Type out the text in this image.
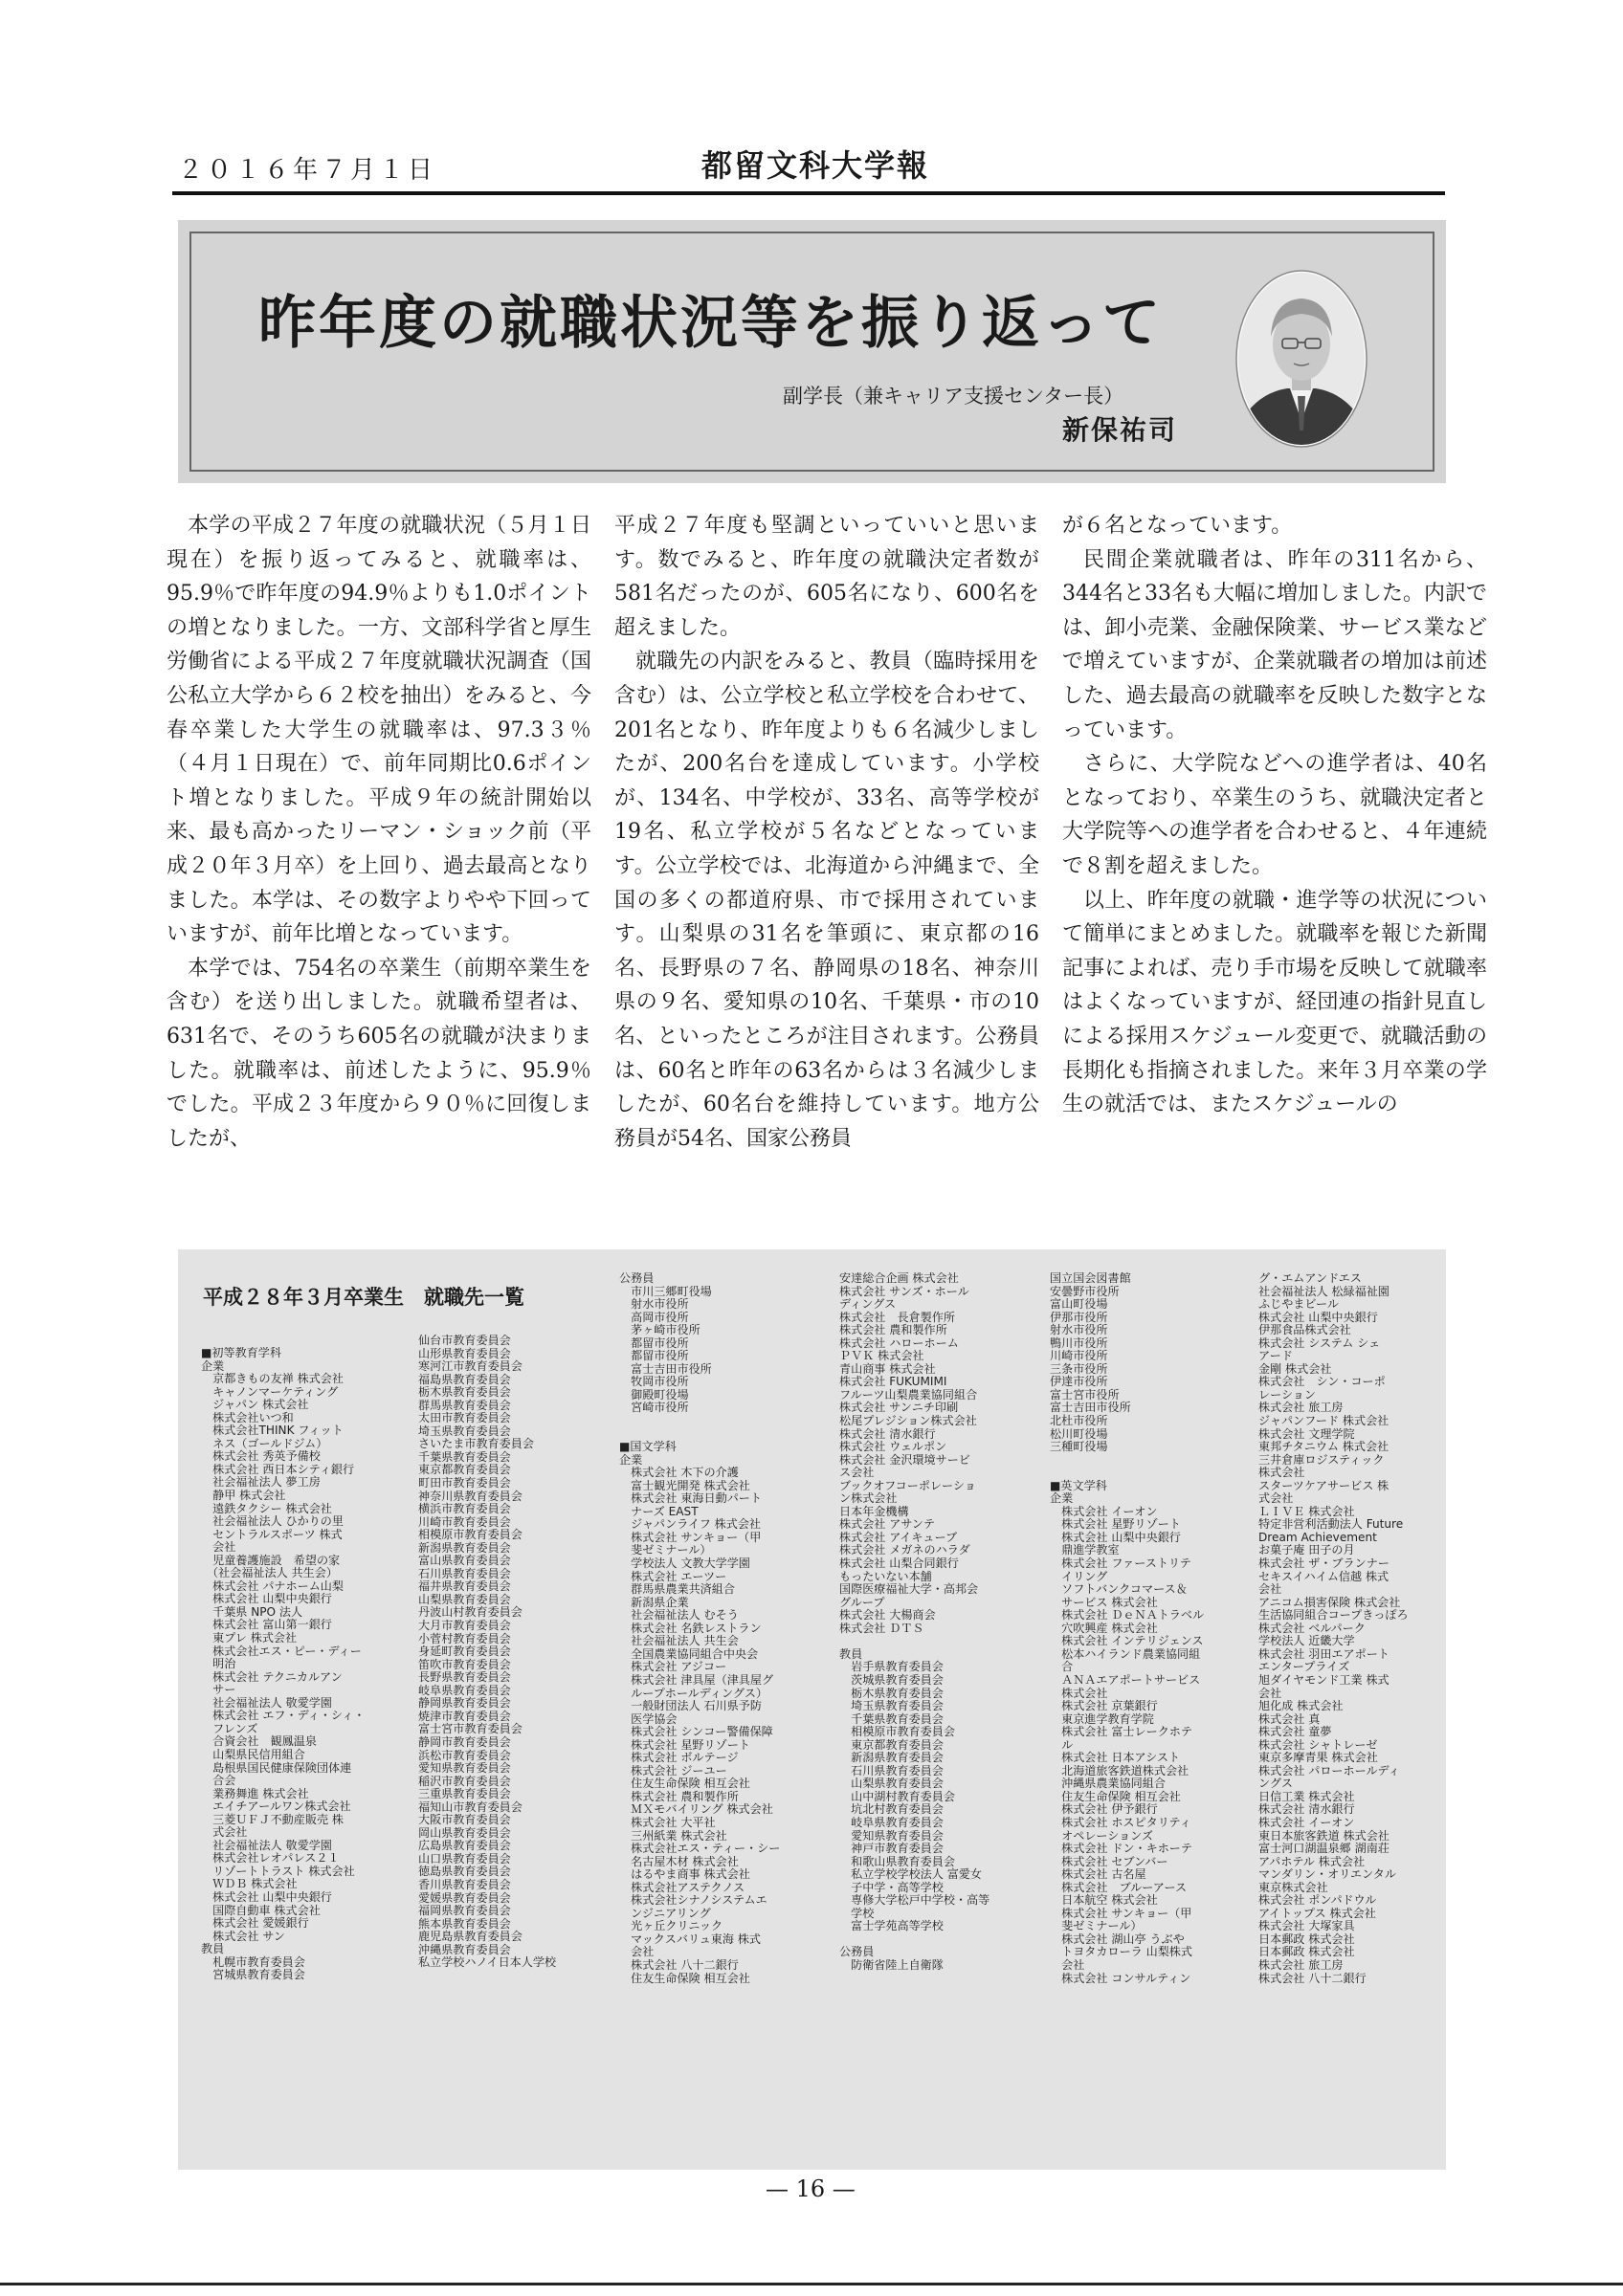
２０１６年７月１日	都留文科大学報
昨年度の就職状況等を振り返って
副学長（兼キャリア支援センター長）
新保祐司

本学の平成２７年度の就職状況（５月１日現在）を振り返ってみると、就職率は、95.9％で昨年度の94.9％よりも1.0ポイントの増となりました。一方、文部科学省と厚生労働省による平成２７年度就職状況調査（国公私立大学から６２校を抽出）をみると、今春卒業した大学生の就職率は、97.3３％（４月１日現在）で、前年同期比0.6ポイント増となりました。平成９年の統計開始以来、最も高かったリーマン・ショック前（平成２０年３月卒）を上回り、過去最高となりました。本学は、その数字よりやや下回っていますが、前年比増となっています。

本学では、754名の卒業生（前期卒業生を含む）を送り出しました。就職希望者は、631名で、そのうち605名の就職が決まりました。就職率は、前述したように、95.9％でした。平成２３年度から９０％に回復しましたが、

平成２７年度も堅調といっていいと思います。数でみると、昨年度の就職決定者数が581名だったのが、605名になり、600名を超えました。

就職先の内訳をみると、教員（臨時採用を含む）は、公立学校と私立学校を合わせて、201名となり、昨年度よりも６名減少しましたが、200名台を達成しています。小学校が、134名、中学校が、33名、高等学校が19名、私立学校が５名などとなっています。公立学校では、北海道から沖縄まで、全国の多くの都道府県、市で採用されています。山梨県の31名を筆頭に、東京都の16名、長野県の７名、静岡県の18名、神奈川県の９名、愛知県の10名、千葉県・市の10名、といったところが注目されます。公務員は、60名と昨年の63名からは３名減少しましたが、60名台を維持しています。地方公務員が54名、国家公務員

が６名となっています。

民間企業就職者は、昨年の311名から、344名と33名も大幅に増加しました。内訳では、卸小売業、金融保険業、サービス業などで増えていますが、企業就職者の増加は前述した、過去最高の就職率を反映した数字となっています。

さらに、大学院などへの進学者は、40名となっており、卒業生のうち、就職決定者と大学院等への進学者を合わせると、４年連続で８割を超えました。

以上、昨年度の就職・進学等の状況について簡単にまとめました。就職率を報じた新聞記事によれば、売り手市場を反映して就職率はよくなっていますが、経団連の指針見直しによる採用スケジュール変更で、就職活動の長期化も指摘されました。来年３月卒業の学生の就活では、またスケジュールの

平成２８年３月卒業生　就職先一覧
■初等教育学科
企業
　京都きもの友禅 株式会社
　キャノンマーケティング
　ジャパン 株式会社
　株式会社いつ和
　株式会社THINK フィット
　ネス（ゴールドジム）
　株式会社 秀英予備校
　株式会社 西日本シティ銀行
　社会福祉法人 夢工房
　静甲 株式会社
　遠鉄タクシー 株式会社
　社会福祉法人 ひかりの里
　セントラルスポーツ 株式
　会社
　児童養護施設　希望の家
　（社会福祉法人 共生会）
　株式会社 パナホーム山梨
　株式会社 山梨中央銀行
　千葉県 NPO 法人
　株式会社 富山第一銀行
　東プレ 株式会社
　株式会社エス・ピー・ディー
　明治
　株式会社 テクニカルアン
　サー
　社会福祉法人 敬愛学園
　株式会社 エフ・ディ・シィ・
　フレンズ
　合資会社　観鳳温泉
　山梨県民信用組合
　島根県国民健康保険団体連
　合会
　業務舞進 株式会社
　エイチアールワン株式会社
　三菱ＵＦＪ不動産販売 株
　式会社
　社会福祉法人 敬愛学園
　株式会社レオパレス２１
　リゾートトラスト 株式会社
　ＷＤＢ 株式会社
　株式会社 山梨中央銀行
　国際自動車 株式会社
　株式会社 愛媛銀行
　株式会社 サン
教員
　札幌市教育委員会
　宮城県教育委員会
仙台市教育委員会
山形県教育委員会
寒河江市教育委員会
福島県教育委員会
栃木県教育委員会
群馬県教育委員会
太田市教育委員会
埼玉県教育委員会
さいたま市教育委員会
千葉県教育委員会
東京都教育委員会
町田市教育委員会
神奈川県教育委員会
横浜市教育委員会
川崎市教育委員会
相模原市教育委員会
新潟県教育委員会
富山県教育委員会
石川県教育委員会
福井県教育委員会
山梨県教育委員会
丹波山村教育委員会
大月市教育委員会
小菅村教育委員会
身延町教育委員会
笛吹市教育委員会
長野県教育委員会
岐阜県教育委員会
静岡県教育委員会
焼津市教育委員会
富士宮市教育委員会
静岡市教育委員会
浜松市教育委員会
愛知県教育委員会
稲沢市教育委員会
三重県教育委員会
福知山市教育委員会
大阪市教育委員会
岡山県教育委員会
広島県教育委員会
山口県教育委員会
徳島県教育委員会
香川県教育委員会
愛媛県教育委員会
福岡県教育委員会
熊本県教育委員会
鹿児島県教育委員会
沖縄県教育委員会
私立学校ハノイ日本人学校
公務員
　市川三郷町役場
　射水市役所
　高岡市役所
　茅ヶ崎市役所
　都留市役所
　都留市役所
　富士吉田市役所
　牧岡市役所
　御殿町役場
　宮崎市役所

■国文学科
企業
　株式会社 木下の介護
　富士観光開発 株式会社
　株式会社 東海日動パート
　ナーズ EAST
　ジャパンライフ 株式会社
　株式会社 サンキョー（甲
　斐ゼミナール）
　学校法人 文教大学学園
　株式会社 エーツー
　群馬県農業共済組合
　新潟県企業
　社会福祉法人 むそう
　株式会社 名鉄レストラン
　社会福祉法人 共生会
　全国農業協同組合中央会
　株式会社 アジコー
　株式会社 津具屋（津具屋グ
　ループホールディングス）
　一般財団法人 石川県予防
　医学協会
　株式会社 シンコー警備保障
　株式会社 星野リゾート
　株式会社 ボルテージ
　株式会社 ジーユー
　住友生命保険 相互会社
　株式会社 農和製作所
　ＭＸモバイリング 株式会社
　株式会社 大平社
　三州紙業 株式会社
　株式会社エス・ティー・シー
　名古屋木材 株式会社
　はるやま商事 株式会社
　株式会社アステクノス
　株式会社シナノシステムエ
　ンジニアリング
　光ヶ丘クリニック
　マックスバリュ東海 株式
　会社
　株式会社 八十二銀行
　住友生命保険 相互会社
安達総合企画 株式会社
株式会社 サンズ・ホール
ディングス
株式会社　長倉製作所
株式会社 農和製作所
株式会社 ハローホーム
ＰＶＫ 株式会社
青山商事 株式会社
株式会社 FUKUMIMI
フルーツ山梨農業協同組合
株式会社 サンニチ印刷
松尾プレジション株式会社
株式会社 清水銀行
株式会社 ウェルポン
株式会社 金沢環境サービ
ス会社
ブックオフコーポレーショ
ン株式会社
日本年金機構
株式会社 アサンテ
株式会社 アイキューブ
株式会社 メガネのハラダ
株式会社 山梨合同銀行
もったいない本舗
国際医療福祉大学・高邦会
グループ
株式会社 大楊商会
株式会社 ＤＴＳ

教員
　岩手県教育委員会
　茨城県教育委員会
　栃木県教育委員会
　埼玉県教育委員会
　千葉県教育委員会
　相模原市教育委員会
　東京都教育委員会
　新潟県教育委員会
　石川県教育委員会
　山梨県教育委員会
　山中湖村教育委員会
　坑北村教育委員会
　岐阜県教育委員会
　愛知県教育委員会
　神戸市教育委員会
　和歌山県教育委員会
　私立学校学校法人 富愛女
　子中学・高等学校
　専修大学松戸中学校・高等
　学校
　富士学苑高等学校

公務員
　防衛省陸上自衛隊
国立国会図書館
安曇野市役所
富山町役場
伊那市役所
射水市役所
鴨川市役所
川崎市役所
三条市役所
伊達市役所
富士宮市役所
富士吉田市役所
北杜市役所
松川町役場
三種町役場

■英文学科
企業
　株式会社 イーオン
　株式会社 星野リゾート
　株式会社 山梨中央銀行
　鼎進学教室
　株式会社 ファーストリテ
　イリング
　ソフトバンクコマース＆
　サービス 株式会社
　株式会社 ＤｅＮＡトラベル
　穴吹興産 株式会社
　株式会社 インテリジェンス
　松本ハイランド農業協同組
　合
　ＡＮＡエアポートサービス
　株式会社
　株式会社 京葉銀行
　東京進学教育学院
　株式会社 富士レークホテ
　ル
　株式会社 日本アシスト
　北海道旅客鉄道株式会社
　沖縄県農業協同組合
　住友生命保険 相互会社
　株式会社 伊予銀行
　株式会社 ホスピタリティ
　オペレーションズ
　株式会社 ドン・キホーテ
　株式会社 セブンバー
　株式会社 古名屋
　株式会社　ブルーアース
　日本航空 株式会社
　株式会社 サンキョー（甲
　斐ゼミナール）
　株式会社 湖山亭 うぶや
　トヨタカローラ 山梨株式
　会社
　株式会社 コンサルティン
グ・エムアンドエス
社会福祉法人 松緑福祉園
ふじやまビール
株式会社 山梨中央銀行
伊那食品株式会社
株式会社 システム シェ
アード
金剛 株式会社
株式会社　シン・コーポ
レーション
株式会社 旅工房
ジャパンフード 株式会社
株式会社 文理学院
東邦チタニウム 株式会社
三井倉庫ロジスティック
株式会社
スターツケアサービス 株
式会社
ＬＩＶＥ 株式会社
特定非営利活動法人 Future
Dream Achievement
お菓子庵 田子の月
株式会社 ザ・ブランナー
セキスイハイム信越 株式
会社
アニコム損害保険 株式会社
生活協同組合コープきっぽろ
株式会社 ベルパーク
学校法人 近畿大学
株式会社 羽田エアポート
エンタープライズ
旭ダイヤモンド工業 株式
会社
旭化成 株式会社
株式会社 真
株式会社 童夢
株式会社 シャトレーゼ
東京多摩青果 株式会社
株式会社 パローホールディ
ングス
日信工業 株式会社
株式会社 清水銀行
株式会社 イーオン
東日本旅客鉄道 株式会社
富士河口湖温泉郷 湖南荘
アパホテル 株式会社
マンダリン・オリエンタル
東京株式会社
株式会社 ポンパドウル
アイトップス 株式会社
株式会社 大塚家具
日本郵政 株式会社
日本郵政 株式会社
株式会社 旅工房
株式会社 八十二銀行
— 16 —
